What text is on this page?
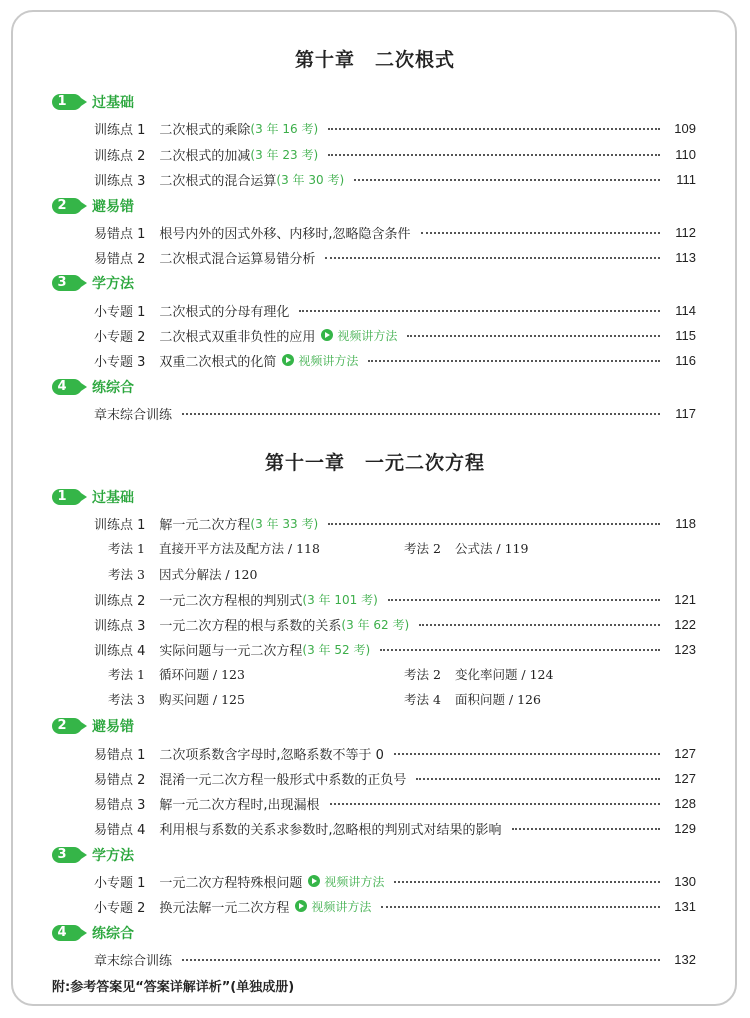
第十章　二次根式
1 过基础
训练点 1 二次根式的乘除 (3 年 16 考)	109
训练点 2 二次根式的加减 (3 年 23 考)	110
训练点 3 二次根式的混合运算 (3 年 30 考)	111
2 避易错
易错点 1 根号内外的因式外移、内移时,忽略隐含条件	112
易错点 2 二次根式混合运算易错分析	113
3 学方法
小专题 1 二次根式的分母有理化	114
小专题 2 二次根式双重非负性的应用 视频讲方法	115
小专题 3 双重二次根式的化简 视频讲方法	116
4 练综合
章末综合训练	117
第十一章　一元二次方程
1 过基础
训练点 1 解一元二次方程 (3 年 33 考)	118
考法 1 直接开平方法及配方法 / 118	考法 2 公式法 / 119
考法 3 因式分解法 / 120
训练点 2 一元二次方程根的判别式 (3 年 101 考)	121
训练点 3 一元二次方程的根与系数的关系 (3 年 62 考)	122
训练点 4 实际问题与一元二次方程 (3 年 52 考)	123
考法 1 循环问题 / 123	考法 2 变化率问题 / 124
考法 3 购买问题 / 125	考法 4 面积问题 / 126
2 避易错
易错点 1 二次项系数含字母时,忽略系数不等于 0	127
易错点 2 混淆一元二次方程一般形式中系数的正负号	127
易错点 3 解一元二次方程时,出现漏根	128
易错点 4 利用根与系数的关系求参数时,忽略根的判别式对结果的影响	129
3 学方法
小专题 1 一元二次方程特殊根问题 视频讲方法	130
小专题 2 换元法解一元二次方程 视频讲方法	131
4 练综合
章末综合训练	132
附:参考答案见“答案详解详析”(单独成册)
